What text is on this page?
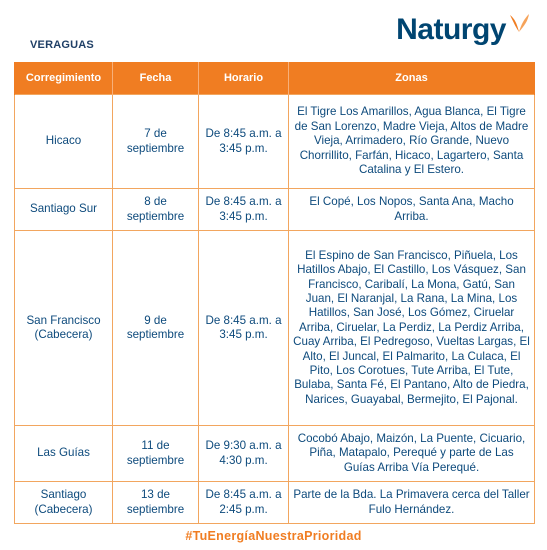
VERAGUAS	Naturgy
Corregimiento	Fecha	Horario	Zonas
Hicaco	7 de septiembre	De 8:45 a.m. a 3:45 p.m.	El Tigre Los Amarillos, Agua Blanca, El Tigre de San Lorenzo, Madre Vieja, Altos de Madre Vieja, Arrimadero, Río Grande, Nuevo Chorrillito, Farfán, Hicaco, Lagartero, Santa Catalina y El Estero.
Santiago Sur	8 de septiembre	De 8:45 a.m. a 3:45 p.m.	El Copé, Los Nopos, Santa Ana, Macho Arriba.
San Francisco (Cabecera)	9 de septiembre	De 8:45 a.m. a 3:45 p.m.	El Espino de San Francisco, Piñuela, Los Hatillos Abajo, El Castillo, Los Vásquez, San Francisco, Caribalí, La Mona, Gatú, San Juan, El Naranjal, La Rana, La Mina, Los Hatillos, San José, Los Gómez, Ciruelar Arriba, Ciruelar, La Perdiz, La Perdiz Arriba, Cuay Arriba, El Pedregoso, Vueltas Largas, El Alto, El Juncal, El Palmarito, La Culaca, El Pito, Los Corotues, Tute Arriba, El Tute, Bulaba, Santa Fé, El Pantano, Alto de Piedra, Narices, Guayabal, Bermejito, El Pajonal.
Las Guías	11 de septiembre	De 9:30 a.m. a 4:30 p.m.	Cocobó Abajo, Maizón, La Puente, Cicuario, Piña, Matapalo, Perequé y parte de Las Guías Arriba Vía Perequé.
Santiago (Cabecera)	13 de septiembre	De 8:45 a.m. a 2:45 p.m.	Parte de la Bda. La Primavera cerca del Taller Fulo Hernández.
#TuEnergíaNuestraPrioridad
